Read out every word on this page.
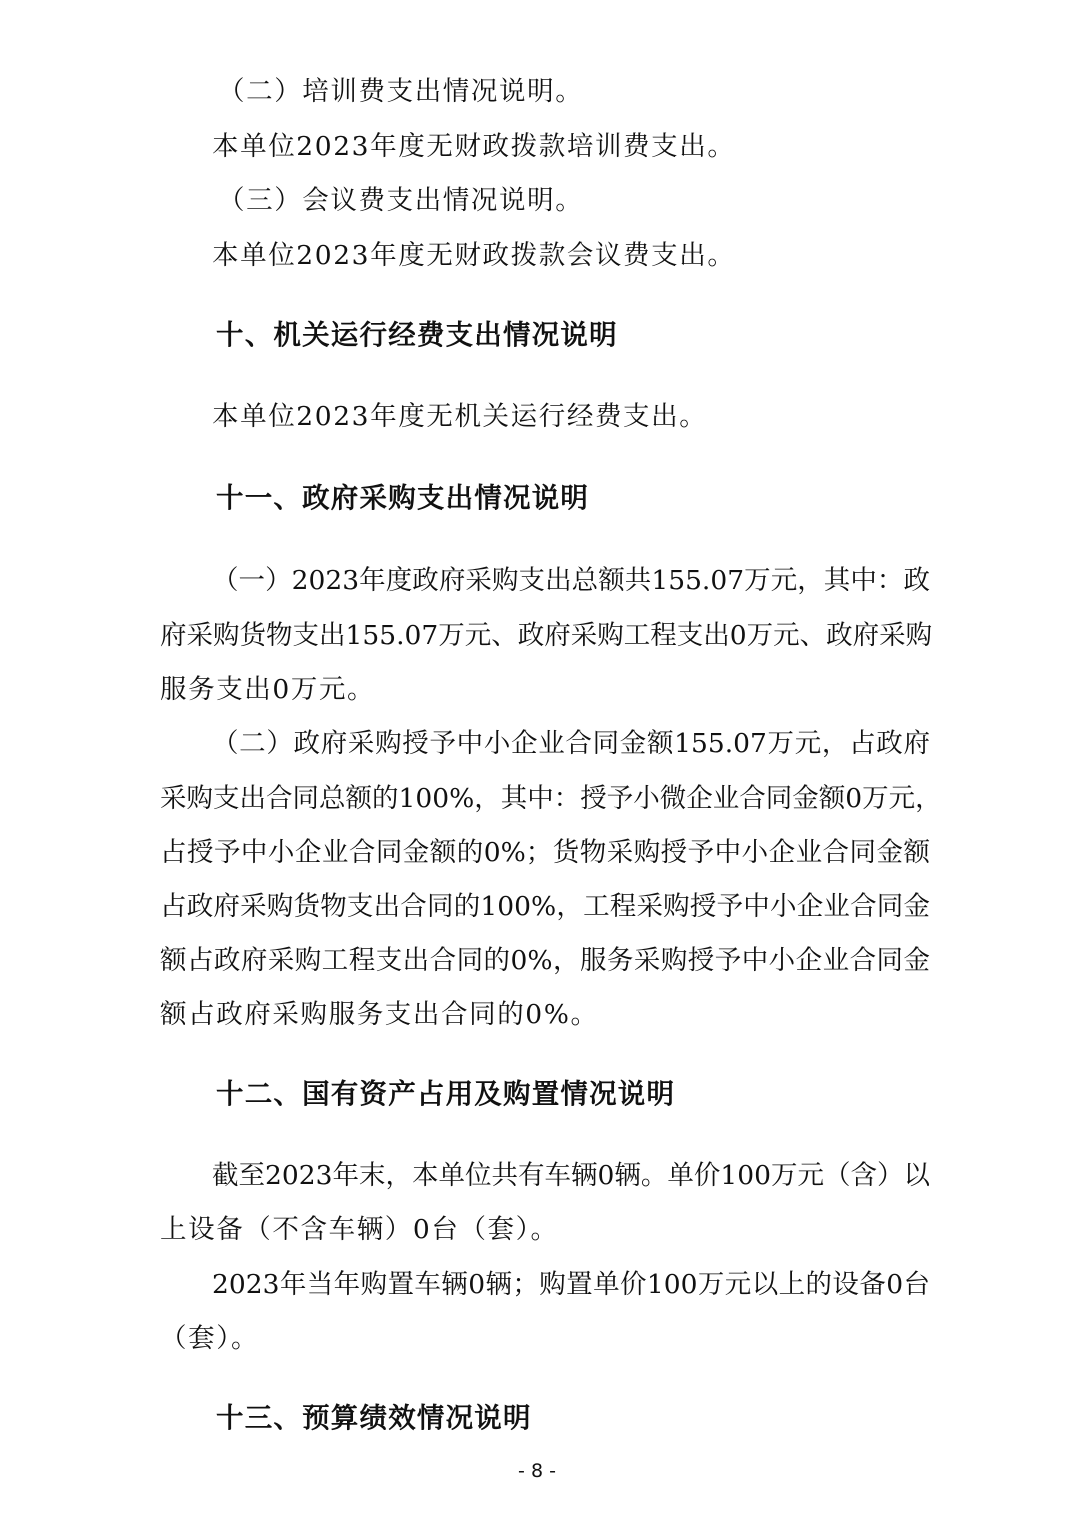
（二）培训费支出情况说明。
本单位2023年度无财政拨款培训费支出。
（三）会议费支出情况说明。
本单位2023年度无财政拨款会议费支出。
十、机关运行经费支出情况说明
本单位2023年度无机关运行经费支出。
十一、政府采购支出情况说明
（一）2023年度政府采购支出总额共155.07万元，其中：政
府采购货物支出155.07万元、政府采购工程支出0万元、政府采购
服务支出0万元。
（二）政府采购授予中小企业合同金额155.07万元，占政府
采购支出合同总额的100%，其中：授予小微企业合同金额0万元，
占授予中小企业合同金额的0%；货物采购授予中小企业合同金额
占政府采购货物支出合同的100%，工程采购授予中小企业合同金
额占政府采购工程支出合同的0%，服务采购授予中小企业合同金
额占政府采购服务支出合同的0%。
十二、国有资产占用及购置情况说明
截至2023年末，本单位共有车辆0辆。单价100万元（含）以
上设备（不含车辆）0台（套）。
2023年当年购置车辆0辆；购置单价100万元以上的设备0台
（套）。
十三、预算绩效情况说明
- 8 -
